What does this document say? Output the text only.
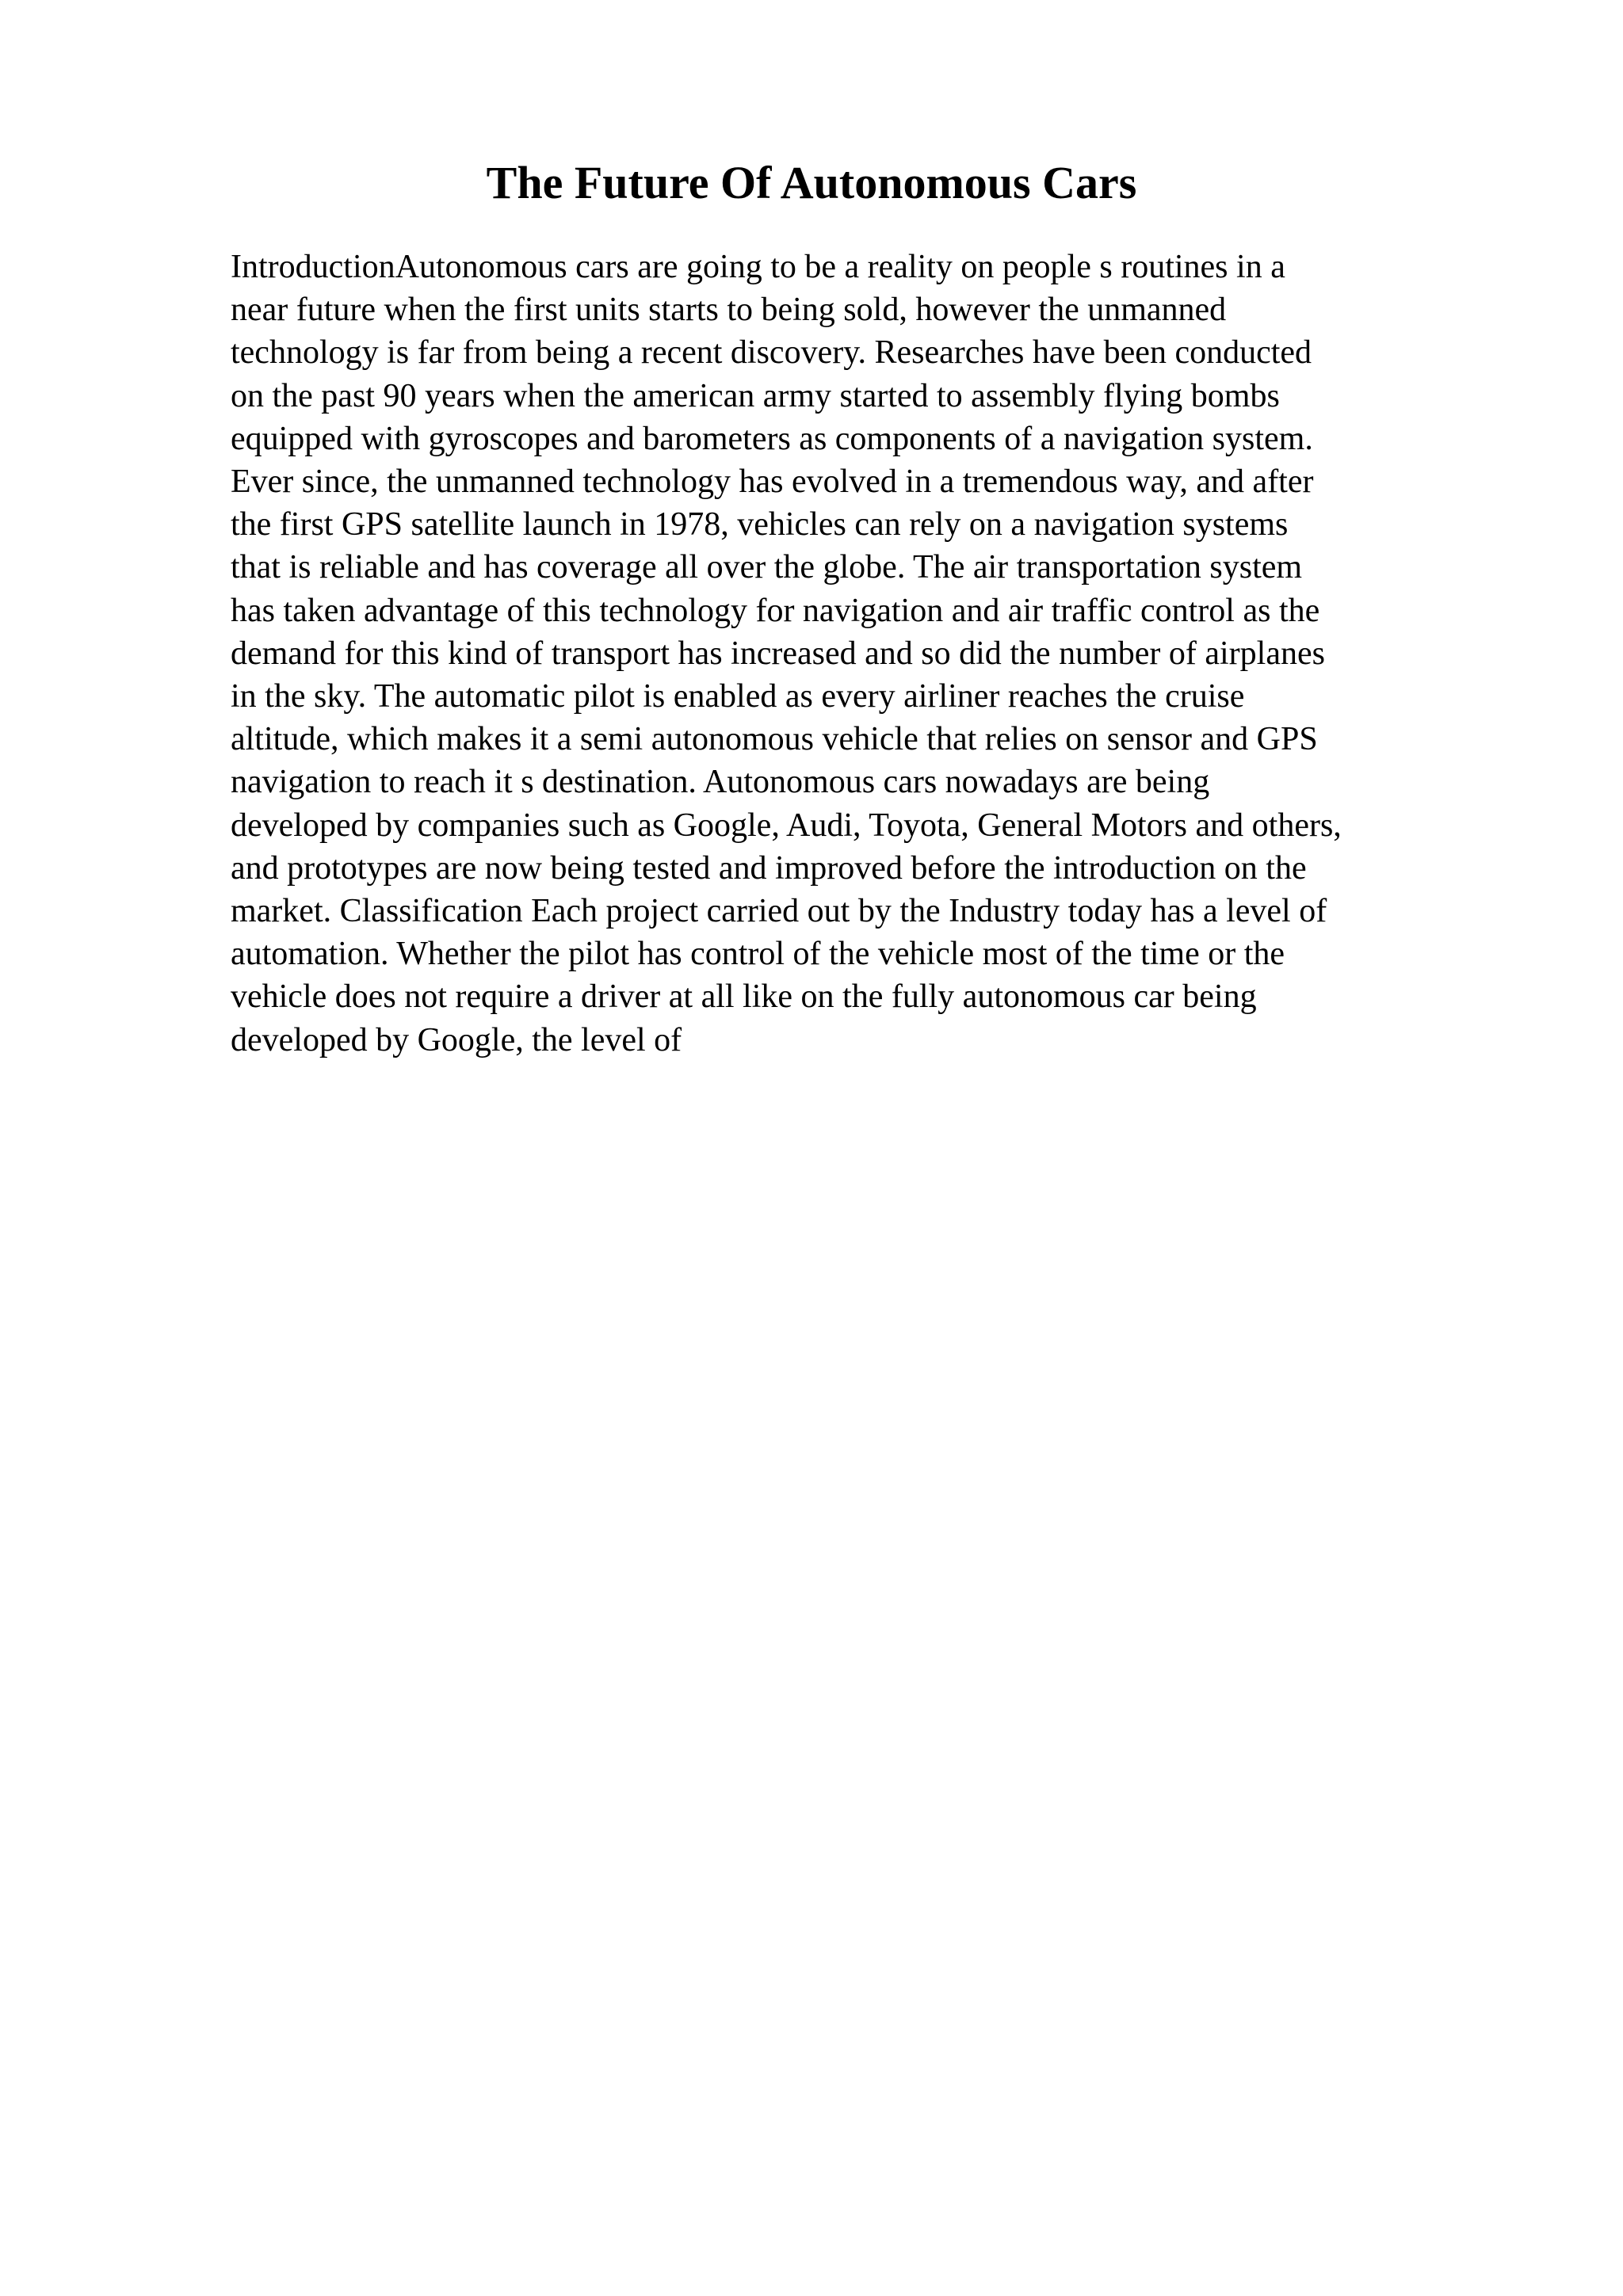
The Future Of Autonomous Cars
IntroductionAutonomous cars are going to be a reality on people s routines in a
near future when the first units starts to being sold, however the unmanned
technology is far from being a recent discovery. Researches have been conducted
on the past 90 years when the american army started to assembly flying bombs
equipped with gyroscopes and barometers as components of a navigation system.
Ever since, the unmanned technology has evolved in a tremendous way, and after
the first GPS satellite launch in 1978, vehicles can rely on a navigation systems
that is reliable and has coverage all over the globe. The air transportation system
has taken advantage of this technology for navigation and air traffic control as the
demand for this kind of transport has increased and so did the number of airplanes
in the sky. The automatic pilot is enabled as every airliner reaches the cruise
altitude, which makes it a semi autonomous vehicle that relies on sensor and GPS
navigation to reach it s destination. Autonomous cars nowadays are being
developed by companies such as Google, Audi, Toyota, General Motors and others,
and prototypes are now being tested and improved before the introduction on the
market. Classification Each project carried out by the Industry today has a level of
automation. Whether the pilot has control of the vehicle most of the time or the
vehicle does not require a driver at all like on the fully autonomous car being
developed by Google, the level of
